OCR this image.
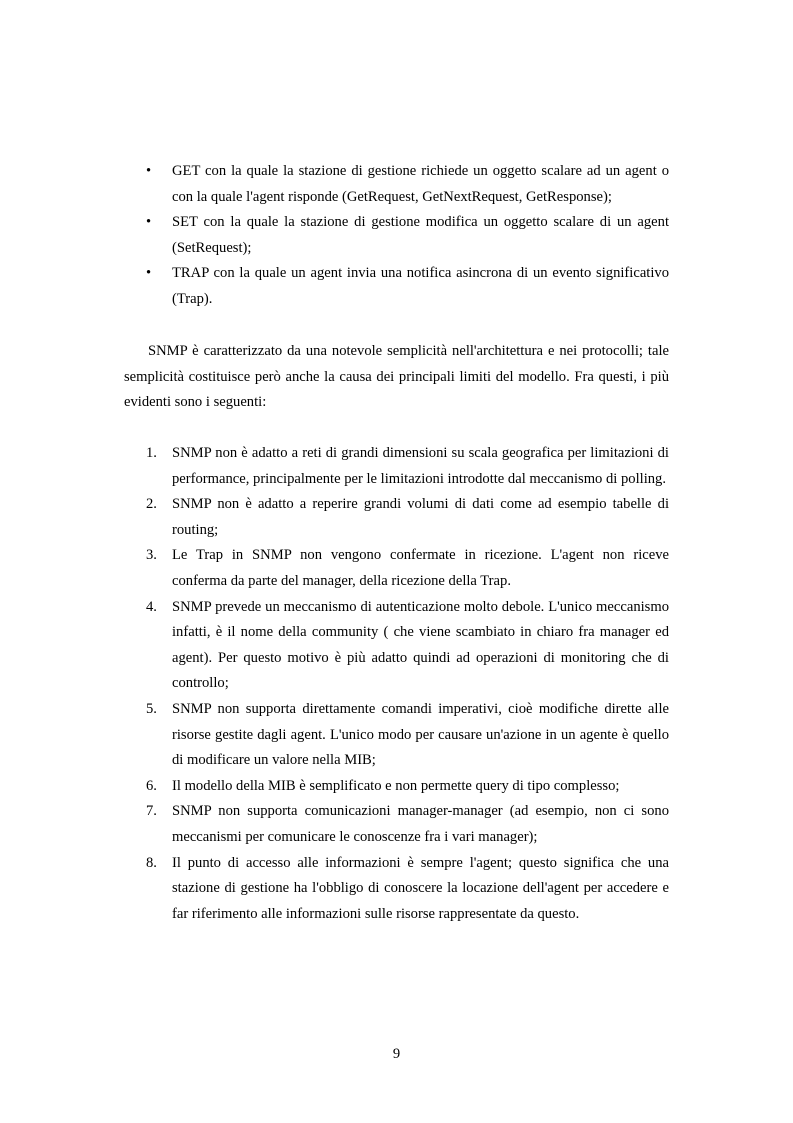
•	GET con la quale la stazione di gestione richiede un oggetto scalare ad un agent o con la quale l'agent risponde (GetRequest, GetNextRequest, GetResponse);
•	SET con la quale la stazione di gestione modifica un oggetto scalare di un agent (SetRequest);
•	TRAP con la quale un agent invia una notifica asincrona di un evento significativo (Trap).

SNMP è caratterizzato da una notevole semplicità nell'architettura e nei protocolli; tale semplicità costituisce però anche la causa dei principali limiti del modello. Fra questi, i più evidenti sono i seguenti:

1.	SNMP non è adatto a reti di grandi dimensioni su scala geografica per limitazioni di performance, principalmente per le limitazioni introdotte dal meccanismo di polling.
2.	SNMP non è adatto a reperire grandi volumi di dati come ad esempio tabelle di routing;
3.	Le Trap in SNMP non vengono confermate in ricezione. L'agent non riceve conferma da parte del manager, della ricezione della Trap.
4.	SNMP prevede un meccanismo di autenticazione molto debole. L'unico meccanismo infatti, è il nome della community ( che viene scambiato in chiaro fra manager ed agent). Per questo motivo è più adatto quindi ad operazioni di monitoring che di controllo;
5.	SNMP non supporta direttamente comandi imperativi, cioè modifiche dirette alle risorse gestite dagli agent. L'unico modo per causare un'azione in un agente è quello di modificare un valore nella MIB;
6.	Il modello della MIB è semplificato e non permette query di tipo complesso;
7.	SNMP non supporta comunicazioni manager-manager (ad esempio, non ci sono meccanismi per comunicare le conoscenze fra i vari manager);
8.	Il punto di accesso alle informazioni è sempre l'agent; questo significa che una stazione di gestione ha l'obbligo di conoscere la locazione dell'agent per accedere e far riferimento alle informazioni sulle risorse rappresentate da questo.
9
